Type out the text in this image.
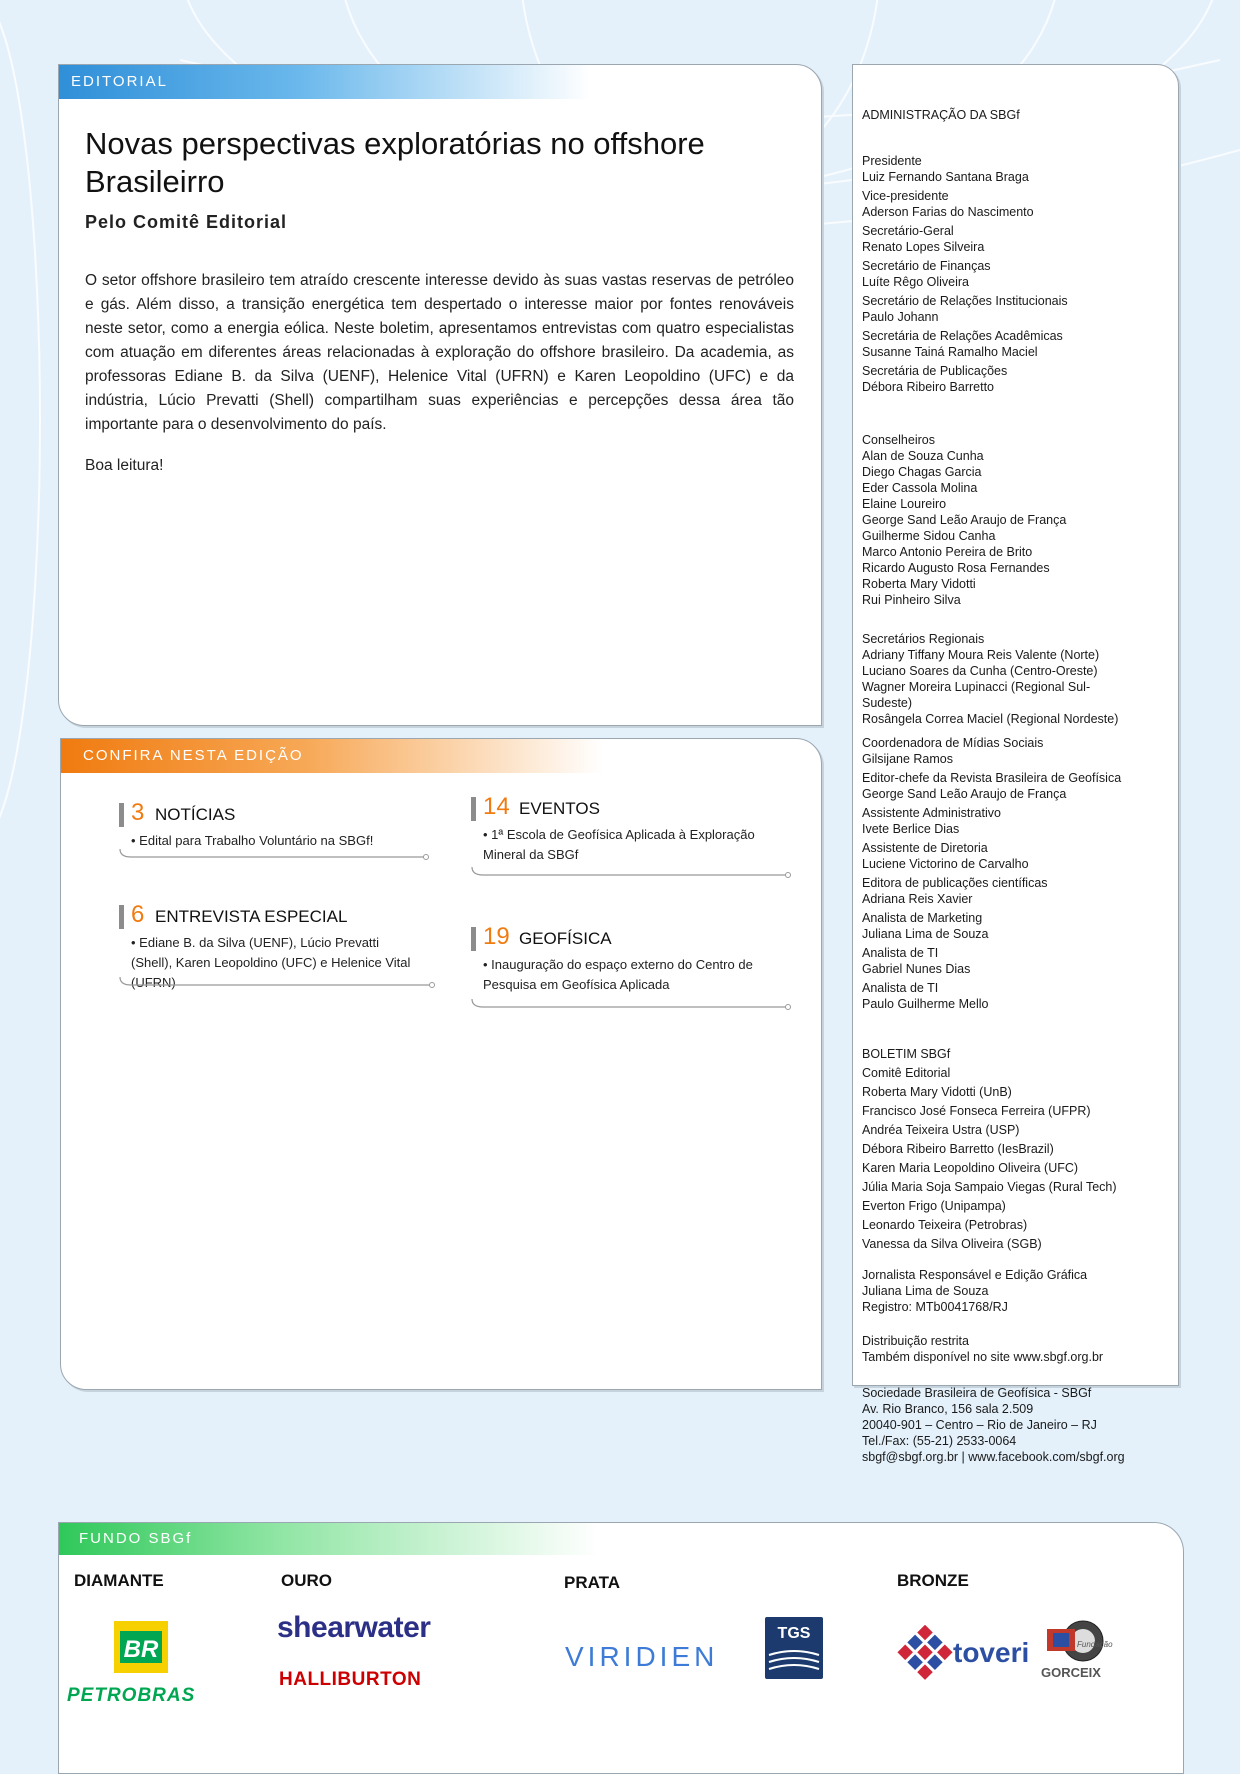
EDITORIAL
Novas perspectivas exploratórias no offshore Brasileirro
Pelo Comitê Editorial

O setor offshore brasileiro tem atraído crescente interesse devido às suas vastas reservas de petróleo e gás. Além disso, a transição energética tem despertado o interesse maior por fontes renováveis neste setor, como a energia eólica. Neste boletim, apresentamos entrevistas com quatro especialistas com atuação em diferentes áreas relacionadas à exploração do offshore brasileiro. Da academia, as professoras Ediane B. da Silva (UENF), Helenice Vital (UFRN) e Karen Leopoldino (UFC) e da indústria, Lúcio Prevatti (Shell) compartilham suas experiências e percepções dessa área tão importante para o desenvolvimento do país.

Boa leitura!

CONFIRA NESTA EDIÇÃO
3 NOTÍCIAS
• Edital para Trabalho Voluntário na SBGf!
14 EVENTOS
• 1ª Escola de Geofísica Aplicada à Exploração Mineral da SBGf
6 ENTREVISTA ESPECIAL
• Ediane B. da Silva (UENF), Lúcio Prevatti (Shell), Karen Leopoldino (UFC) e Helenice Vital (UFRN)
19 GEOFÍSICA
• Inauguração do espaço externo do Centro de Pesquisa em Geofísica Aplicada
ADMINISTRAÇÃO DA SBGf
Presidente
Luiz Fernando Santana Braga
Vice-presidente
Aderson Farias do Nascimento
Secretário-Geral
Renato Lopes Silveira
Secretário de Finanças
Luíte Rêgo Oliveira
Secretário de Relações Institucionais
Paulo Johann
Secretária de Relações Acadêmicas
Susanne Tainá Ramalho Maciel
Secretária de Publicações
Débora Ribeiro Barretto
Conselheiros
Alan de Souza Cunha
Diego Chagas Garcia
Eder Cassola Molina
Elaine Loureiro
George Sand Leão Araujo de França
Guilherme Sidou Canha
Marco Antonio Pereira de Brito
Ricardo Augusto Rosa Fernandes
Roberta Mary Vidotti
Rui Pinheiro Silva
Secretários Regionais
Adriany Tiffany Moura Reis Valente (Norte)
Luciano Soares da Cunha (Centro-Oreste)
Wagner Moreira Lupinacci (Regional Sul-
Sudeste)
Rosângela Correa Maciel (Regional Nordeste)
Coordenadora de Mídias Sociais
Gilsijane Ramos
Editor-chefe da Revista Brasileira de Geofísica
George Sand Leão Araujo de França
Assistente Administrativo
Ivete Berlice Dias
Assistente de Diretoria
Luciene Victorino de Carvalho
Editora de publicações científicas
Adriana Reis Xavier
Analista de Marketing
Juliana Lima de Souza
Analista de TI
Gabriel Nunes Dias
Analista de TI
Paulo Guilherme Mello
BOLETIM SBGf
Comitê Editorial
Roberta Mary Vidotti (UnB)
Francisco José Fonseca Ferreira (UFPR)
Andréa Teixeira Ustra (USP)
Débora Ribeiro Barretto (IesBrazil)
Karen Maria Leopoldino Oliveira (UFC)
Júlia Maria Soja Sampaio Viegas (Rural Tech)
Everton Frigo (Unipampa)
Leonardo Teixeira (Petrobras)
Vanessa da Silva Oliveira (SGB)
Jornalista Responsável e Edição Gráfica
Juliana Lima de Souza
Registro: MTb0041768/RJ
Distribuição restrita
Também disponível no site www.sbgf.org.br
Sociedade Brasileira de Geofísica - SBGf
Av. Rio Branco, 156 sala 2.509
20040-901 – Centro – Rio de Janeiro – RJ
Tel./Fax: (55-21) 2533-0064
sbgf@sbgf.org.br | www.facebook.com/sbgf.org
FUNDO SBGf
DIAMANTE	OURO	PRATA	BRONZE
BR
PETROBRAS
shearwater
HALLIBURTON
VIRIDIEN
TGS
toveri	Fundação
GORCEIX
